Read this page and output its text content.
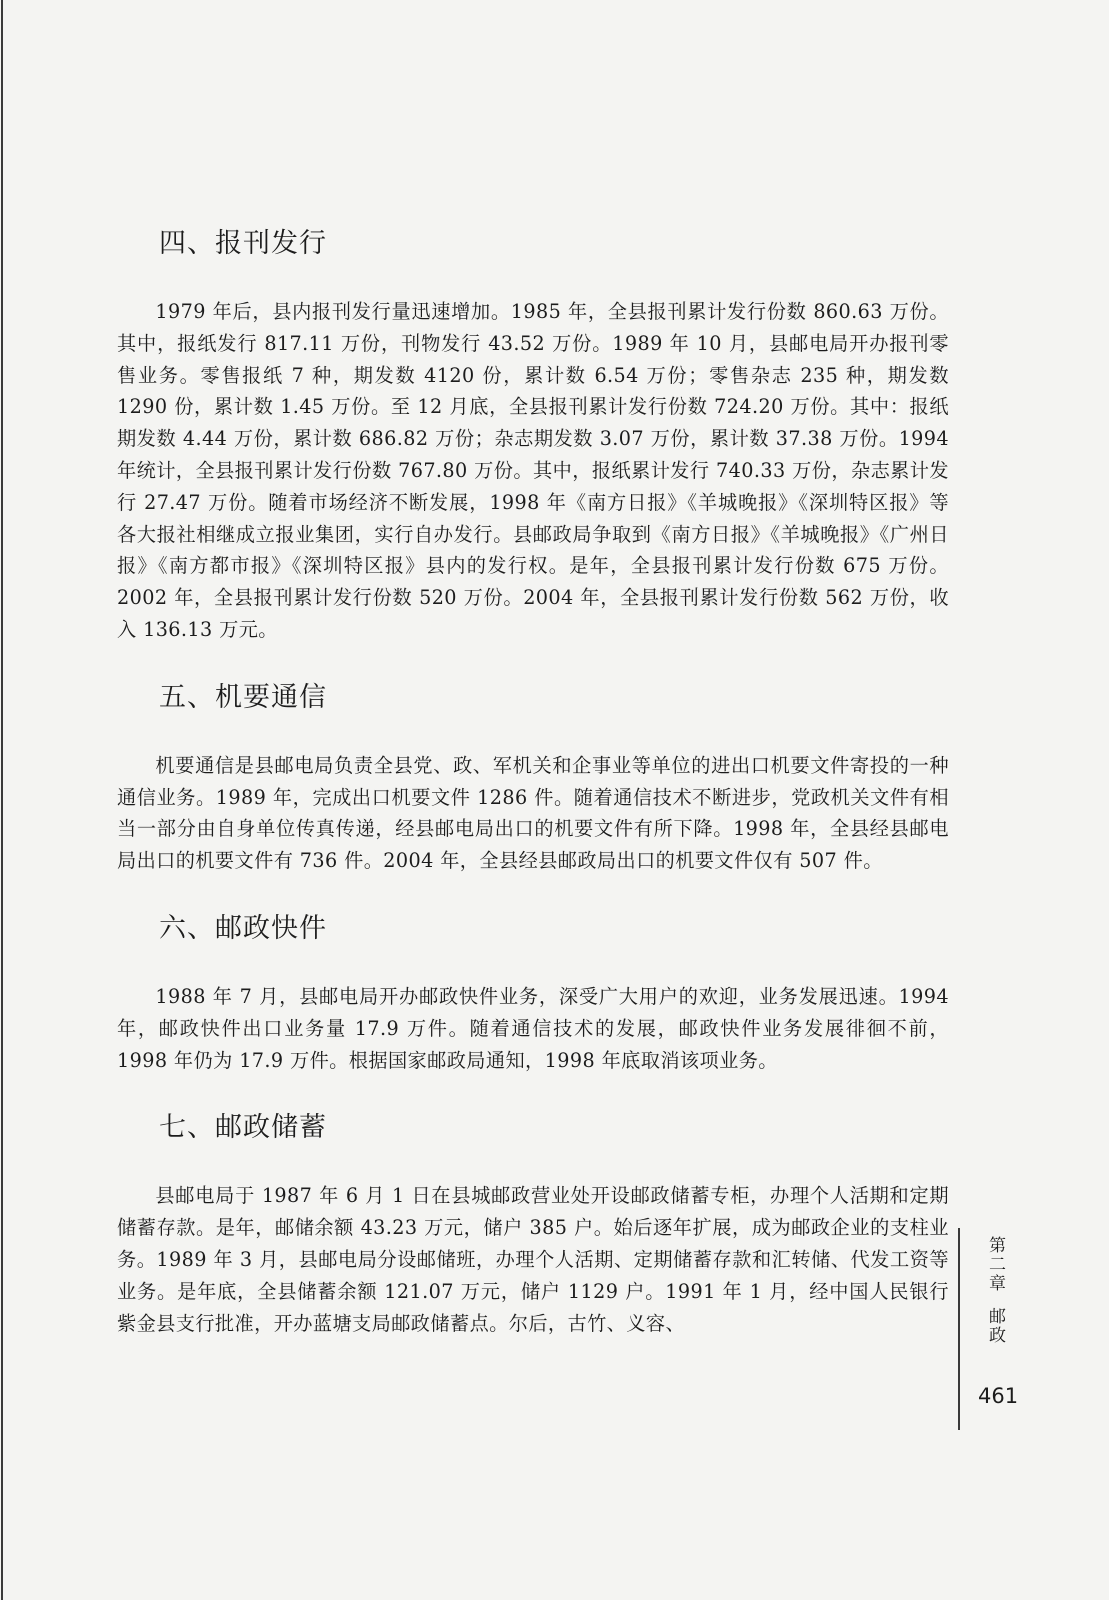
四、报刊发行

1979 年后，县内报刊发行量迅速增加。1985 年，全县报刊累计发行份数 860.63 万份。其中，报纸发行 817.11 万份，刊物发行 43.52 万份。1989 年 10 月，县邮电局开办报刊零售业务。零售报纸 7 种，期发数 4120 份，累计数 6.54 万份；零售杂志 235 种，期发数 1290 份，累计数 1.45 万份。至 12 月底，全县报刊累计发行份数 724.20 万份。其中：报纸期发数 4.44 万份，累计数 686.82 万份；杂志期发数 3.07 万份，累计数 37.38 万份。1994 年统计，全县报刊累计发行份数 767.80 万份。其中，报纸累计发行 740.33 万份，杂志累计发行 27.47 万份。随着市场经济不断发展，1998 年《南方日报》《羊城晚报》《深圳特区报》等各大报社相继成立报业集团，实行自办发行。县邮政局争取到《南方日报》《羊城晚报》《广州日报》《南方都市报》《深圳特区报》县内的发行权。是年，全县报刊累计发行份数 675 万份。2002 年，全县报刊累计发行份数 520 万份。2004 年，全县报刊累计发行份数 562 万份，收入 136.13 万元。

五、机要通信

机要通信是县邮电局负责全县党、政、军机关和企事业等单位的进出口机要文件寄投的一种通信业务。1989 年，完成出口机要文件 1286 件。随着通信技术不断进步，党政机关文件有相当一部分由自身单位传真传递，经县邮电局出口的机要文件有所下降。1998 年，全县经县邮电局出口的机要文件有 736 件。2004 年，全县经县邮政局出口的机要文件仅有 507 件。

六、邮政快件

1988 年 7 月，县邮电局开办邮政快件业务，深受广大用户的欢迎，业务发展迅速。1994 年，邮政快件出口业务量 17.9 万件。随着通信技术的发展，邮政快件业务发展徘徊不前，1998 年仍为 17.9 万件。根据国家邮政局通知，1998 年底取消该项业务。

七、邮政储蓄

县邮电局于 1987 年 6 月 1 日在县城邮政营业处开设邮政储蓄专柜，办理个人活期和定期储蓄存款。是年，邮储余额 43.23 万元，储户 385 户。始后逐年扩展，成为邮政企业的支柱业务。1989 年 3 月，县邮电局分设邮储班，办理个人活期、定期储蓄存款和汇转储、代发工资等业务。是年底，全县储蓄余额 121.07 万元，储户 1129 户。1991 年 1 月，经中国人民银行紫金县支行批准，开办蓝塘支局邮政储蓄点。尔后，古竹、义容、

第二章邮政
461
